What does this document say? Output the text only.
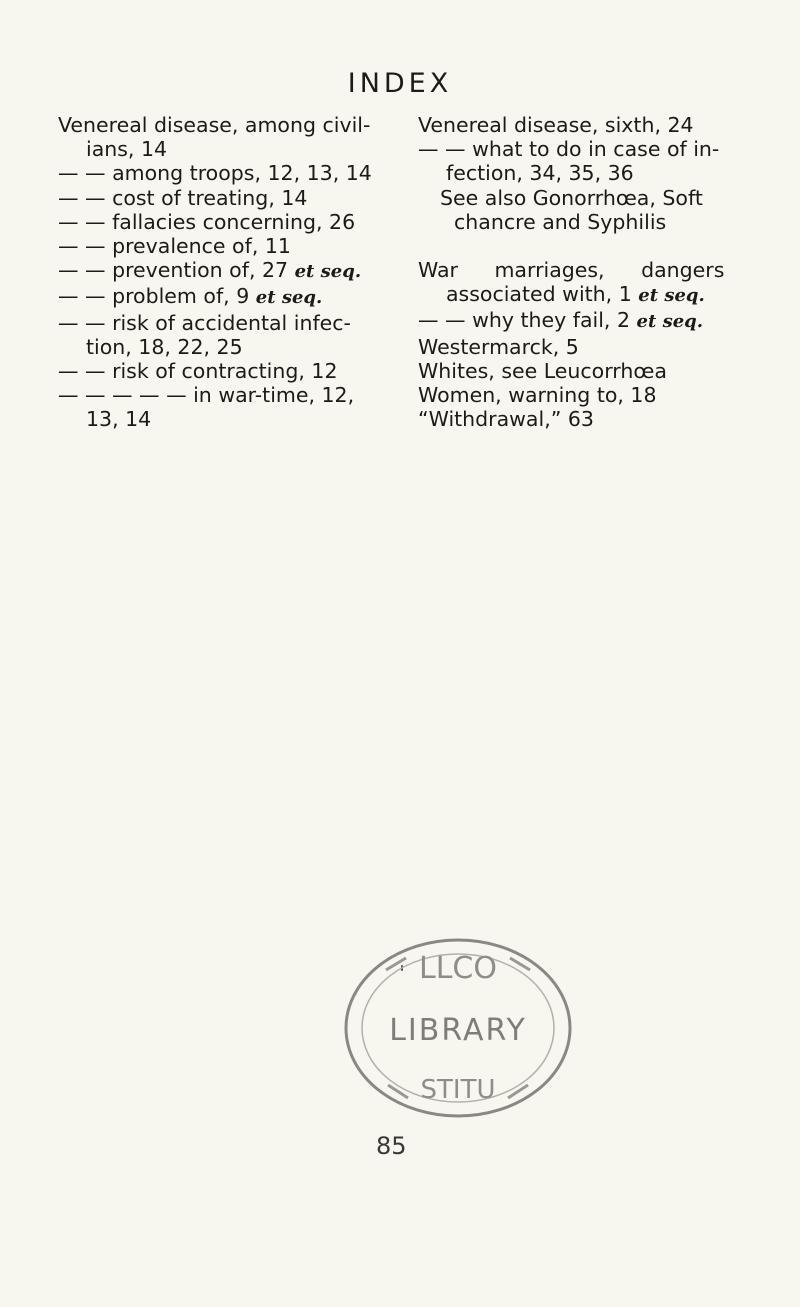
INDEX
Venereal disease, among civil-
ians, 14
— — among troops, 12, 13, 14
— — cost of treating, 14
— — fallacies concerning, 26
— — prevalence of, 11
— — prevention of, 27 et seq.
— — problem of, 9 et seq.
— — risk of accidental infec-
tion, 18, 22, 25
— — risk of contracting, 12
— — — — — in war-time, 12,
13, 14
Venereal disease, sixth, 24
— — what to do in case of in-
fection, 34, 35, 36
See also Gonorrhœa, Soft
chancre and Syphilis
War marriages, dangers
associated with, 1 et seq.
— — why they fail, 2 et seq.
Westermarck, 5
Whites, see Leucorrhœa
Women, warning to, 18
“Withdrawal,” 63
LLCO
LIBRARY
STITU
85
